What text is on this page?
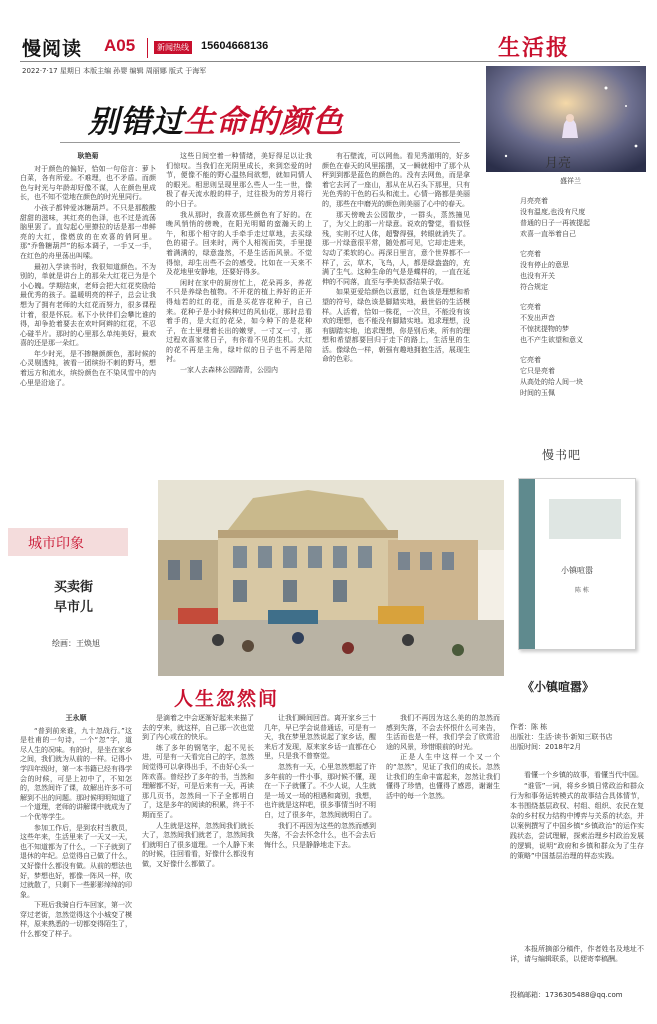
慢阅读 A05	新闻热线 15604668136	生活报
2022·7·17 星期日 本版主编 孙婴 编辑 周丽娜 版式 于海军
别错过生命的颜色

耿艳菊

对于颜色的偏好，恰如一句俗言：萝卜白菜，各有所爱。不难理，也不矛盾。而颜色与时光与年龄却好像不谋，人在颜色里成长，也不知不觉地在颜色的时光里同行。

小孩子都钟爱冰糖葫芦。不只是那酸酸甜甜的滋味，其红亮的色泽，也不过是流荡脑里罢了。直勾起心里撩拉的话是那一串鲜亮的大红，像燃放的在欢喜的俏阿里。那“乔鲁糖葫芦”的标本调子，一手又一手，在红色的舟里荡出叫嗦。

最初入学读书时，我很知道颜色。不为别的，单就是讲台上的那朵大红花已为是个小心魄。学期结束，老师会把大红花奖励给最优秀的孩子。温暖明亮的样子，总会让我想为了拥有老师的大红花而努力，很多课程计着，很是怀辰。私下小伙伴们会攀比谁的得，却争抢着要去在欢叶阿辫的红花，不忍心碰半片。那时的心里那么单纯美好，最欢喜的还是那一朵红。

年少时光，是不掺糖颜颜色，那时候的心灵剔透纯，被看一团缤纷不刺的野马，想着远方和流水，缤纷颜色在不染风雪中的内心里是沿途了。

这些日间空着一种情绪，美好得足以让我们惊叹。当我们在光阴里成长，来到恋爱的时节，便像不能的野心温热间欲想，就如同情人的眼光。相思则呈现里那么些人一生一世，像极了春天流水般的样子，过往极为的芳月将行的小日子。

我从那时，我喜欢那些颜色有了好的。在晚风悄悄的傍晚，在阳光明媚的蛮瀚天的上午，和那个相守的人手牵手走过草地，去买绿色的裙子。回来时，两个人相视而笑，手里提着满满的，绿意盎然，不是生活而风景。不觉得惊，却生出些不会的感受。比如在一天来不及花地里安静地，还要好得多。

闲时在家中的厨房忙上，花朵再多，养花不只是养绿色植物。不开花的植上养好的正开得灿若的红的花，而是买花容花种子，自己来。花种子是小时候种过的风仙花，那时总看着手的，是大红的花朵，如今种下的是花种子，在土里埋着长出的嫩芽，一寸又一寸，那过程欢喜家常日子，有你看不见的生机。大红的花不再是主角，绿叶似的日子也不再是陪衬。

一家人去森林公园踏青，公园内

有石壁流，可以网鱼。看见秀澈明的，好多颜色在春天的风里摇摆，又一瞬就相中了那个从秤到到都是蓝色的颜色的。没有去网鱼，而是拿着它去河了一座山，那从在从石头下那里，只有光色秀的干色的石头和流土。心情一路都是美丽的，那些在中磨光的颜色则美丽了心中的春天。

那天傍晚去公园散步，一群头，蒸然撞见了，为父上的那一片绿意。说欢的警觉，看似怪残，实则不过人体，超警得强，转眼就消失了。那一片绿意很平常，随处都可见，它却走进来，勾动了柔软的心。再深日里言，意个世界都不一样了，云，草木，飞鸟，人，都是绿盎盎的，充满了生气。这种生命的气是是蝶样的，一直在延伸的不同落，直至与季美似香结果子收。

如果更爱给颜色以意愿，红色该是理想和希望的符号，绿色该是脚踏实地，最世俗的生活模样。人活着，恰如一株花，一次旦，不能没有该欢的理想，也不能没有脚踏实地。追求理想，没有脚踏实地，追求理想，你是别后来，所有的理想和希望都要回归于走下的路上，生活里的生活。像绿色一样，朝强有趣地拥抱生活，展现生命的色彩。

月亮
盛祥兰

月亮亮着

没有温度,也没有尺度

普通的日子一再被提起

欢喜一直举着自己

它亮着

没有停止的意思

也没有开关

符合规定

它亮着

不发出声音

不惊扰提物的梦

也不产生欲望和意义

它亮着

它只是亮着

从高处的给人间一块

时间的玉佩

城市印象
买卖街
早市儿
绘画：王焕旭
慢书吧
小镇喧嚣
陈 栋
《小镇喧嚣》

作者：陈 栋

出版社：生活·读书·新知三联书店

出版时间：2018年2月

看懂一个乡镇的故事，看懂当代中国。

“谁管”一词，将乡乡镇日常政治和群众行为和事务运转模式的故事结合具体情节，本书围绕基层政权、村组、组织、农民在复杂的乡村权力结构中博弈与关系的状态，并以案例撰写了中国乡镇“乡镇政治”的运作实践状态，尝试理解，探索治理乡村政治发展的逻辑，说明“政府和乡镇和群众为了生存的策略”中国基层治理的样态实践。

本报所摘部分稿件，作者姓名及地址不详，请与编辑联系，以便寄奉稿酬。

投稿邮箱：1736305488@qq.com
人生忽然间

王永顺

“普到前来谁，九十忽战行。”这是杜甫的一句诗，一个“忽”字，道尽人生的况味。有的时，是坐在家乡之间，我们就为从前的一样。记得小学四年级时，第一本书籍已经有得学会的时候，可是上初中了，不知怎的，忽然间许了课，故解出许多不可解到不出的问题。那时候明明知道了一个道理，老师的讲解课中就成为了一个优等学生。

参加工作后，是到农村当教员，这些年来，生活里来了一天又一天，也不知道都为了什么，一下子就到了退休的年纪。总觉得自己做了什么，又好像什么都没有做。从前的想法也好，梦想也好，都像一阵风一样，吹过就散了，只剩下一些影影绰绰的印象。

下班后我骑自行车回家，第一次穿过老街，忽然觉得这个小城变了模样，原来熟悉的一切都变得陌生了，什么都变了样子。

是滴着之中会逐渐好起来来描了去的亨来，就这样，自己那一次也觉到了内心或在的快乐。

练了多年的钢笔字，起不见长进，可是有一天看完自己的字，忽然间觉得可以拿得出手，不由好心头一阵欢喜。曾经抄了多年的书，当然和理解都不好，可是后来有一天，再读那几页书，忽然间一下子全都明白了，这是多年的阅读的积累，终于不期而至了。

人生就是这样，忽然间我们就长大了，忽然间我们就老了，忽然间我们就明白了很多道理。一个人静下来的时候，往回看看，好像什么都没有做，又好像什么都做了。

让我们瞬间回首。离开家乡三十几年，早已学会说普通话，可是有一天，我在梦里忽然说起了家乡话，醒来后才发现，原来家乡话一直都在心里，只是我不曾察觉。

忽然有一天，心里忽然想起了许多年前的一件小事，那时候不懂，现在一下子就懂了。不少人说，人生就是一场又一场的相遇和离别，我想，也许就是这样吧，很多事情当时不明白，过了很多年，忽然间就明白了。

我们不再因为这些的忽然而感到失落，不会去怀念什么，也不会去后悔什么，只是静静地走下去。

我们不再因为这么美的的忽然而感到失落，不会去怀恨什么可来告，生活而也是一样，我们学会了欣赏沿途的风景，珍惜眼前的时光。

正是人生中这样一个又一个的“忽然”，见证了我们的成长。忽然让我们的生命丰富起来，忽然让我们懂得了珍惜，也懂得了感恩，谢谢生活中的每一个忽然。
